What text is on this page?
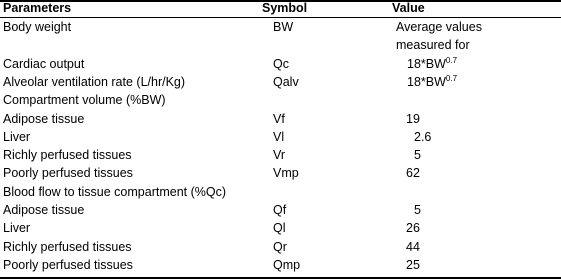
Parameters	Symbol	Value
Body weight	BW	Average values
measured for
Cardiac output	Qc	$18*BW^{0.7}$
Alveolar ventilation rate (L/hr/Kg)	Qalv	$18*BW^{0.7}$
Compartment volume (%BW)
Adipose tissue	Vf	19
Liver	Vl	2.6
Richly perfused tissues	Vr	5
Poorly perfused tissues	Vmp	62
Blood flow to tissue compartment (%Qc)
Adipose tissue	Qf	5
Liver	Ql	26
Richly perfused tissues	Qr	44
Poorly perfused tissues	Qmp	25
